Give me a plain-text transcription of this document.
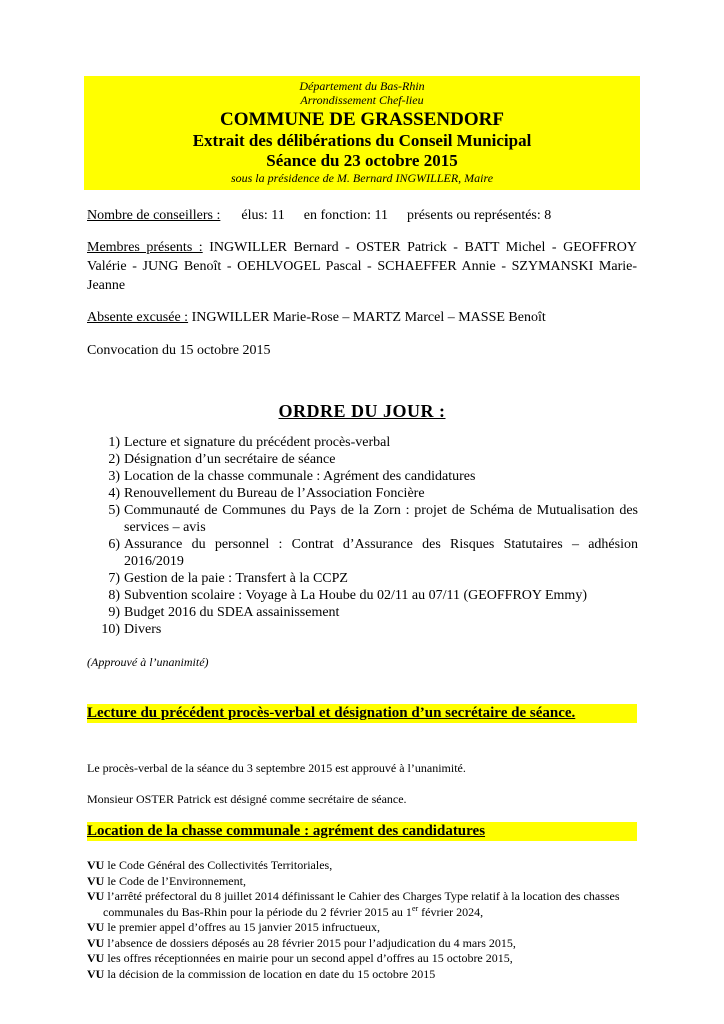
Département du Bas-Rhin
Arrondissement Chef-lieu
COMMUNE DE GRASSENDORF
Extrait des délibérations du Conseil Municipal
Séance du 23 octobre 2015
sous la présidence de M. Bernard INGWILLER, Maire
Nombre de conseillers : élus: 11 en fonction: 11 présents ou représentés: 8
Membres présents : INGWILLER Bernard - OSTER Patrick - BATT Michel - GEOFFROY Valérie - JUNG Benoît - OEHLVOGEL Pascal - SCHAEFFER Annie - SZYMANSKI Marie-Jeanne
Absente excusée : INGWILLER Marie-Rose – MARTZ Marcel – MASSE Benoît
Convocation du 15 octobre 2015
ORDRE DU JOUR :
1) Lecture et signature du précédent procès-verbal
2) Désignation d’un secrétaire de séance
3) Location de la chasse communale : Agrément des candidatures
4) Renouvellement du Bureau de l’Association Foncière
5) Communauté de Communes du Pays de la Zorn : projet de Schéma de Mutualisation des services – avis
6) Assurance du personnel : Contrat d’Assurance des Risques Statutaires – adhésion 2016/2019
7) Gestion de la paie : Transfert à la CCPZ
8) Subvention scolaire : Voyage à La Hoube du 02/11 au 07/11 (GEOFFROY Emmy)
9) Budget 2016 du SDEA assainissement
10) Divers
(Approuvé à l’unanimité)
Lecture du précédent procès-verbal et désignation d’un secrétaire de séance.
Le procès-verbal de la séance du 3 septembre 2015 est approuvé à l’unanimité.
Monsieur OSTER Patrick est désigné comme secrétaire de séance.
Location de la chasse communale : agrément des candidatures
VU le Code Général des Collectivités Territoriales,
VU le Code de l’Environnement,
VU l’arrêté préfectoral du 8 juillet 2014 définissant le Cahier des Charges Type relatif à la location des chasses communales du Bas-Rhin pour la période du 2 février 2015 au 1er février 2024,
VU le premier appel d’offres au 15 janvier 2015 infructueux,
VU l’absence de dossiers déposés au 28 février 2015 pour l’adjudication du 4 mars 2015,
VU les offres réceptionnées en mairie pour un second appel d’offres au 15 octobre 2015,
VU la décision de la commission de location en date du 15 octobre 2015
